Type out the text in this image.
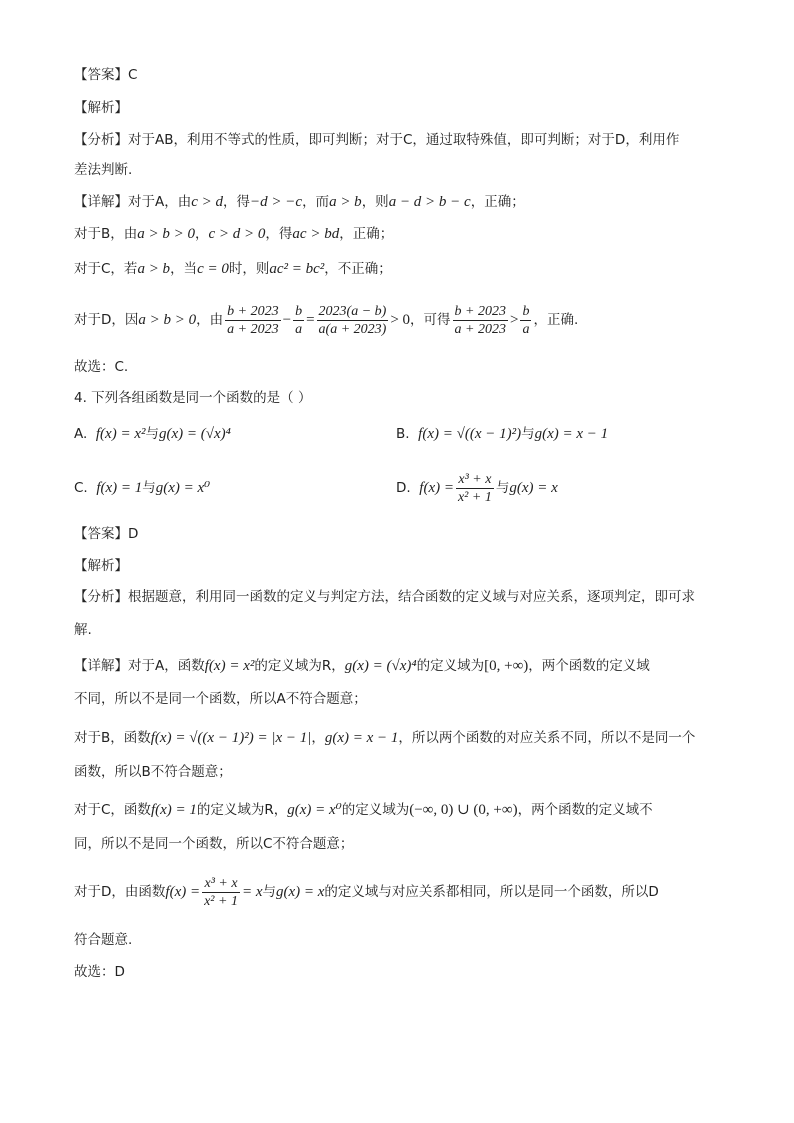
【答案】C
【解析】
【分析】对于AB，利用不等式的性质，即可判断；对于C，通过取特殊值，即可判断；对于D，利用作
差法判断.
【详解】对于A，由c > d，得−d > −c，而a > b，则a − d > b − c，正确；
对于B，由a > b > 0，c > d > 0，得ac > bd，正确；
对于C，若a > b，当c = 0时，则ac² = bc²，不正确；
对于D，因a > b > 0，由 $\frac{b + 2023}{a + 2023} - \frac{b}{a} = \frac{2023(a - b)}{a(a + 2023)} > 0$，可得 $\frac{b + 2023}{a + 2023} > \frac{b}{a}$ ，正确.
故选：C.
4. 下列各组函数是同一个函数的是（ ）
A. f(x) = x²与g(x) = (√x)⁴	B. f(x) = √((x − 1)²)与g(x) = x − 1
C. f(x) = 1与g(x) = x⁰	D. $f(x) = \frac{\text{x³ + x}}{\text{x² + 1}}$ 与g(x) = x
【答案】D
【解析】
【分析】根据题意，利用同一函数的定义与判定方法，结合函数的定义域与对应关系，逐项判定，即可求
解.
【详解】对于A，函数f(x) = x²的定义域为R，g(x) = (√x)⁴的定义域为[0, +∞)，两个函数的定义域
不同，所以不是同一个函数，所以A不符合题意；
对于B，函数f(x) = √((x − 1)²) = |x − 1|，g(x) = x − 1，所以两个函数的对应关系不同，所以不是同一个
函数，所以B不符合题意；
对于C，函数f(x) = 1的定义域为R，g(x) = x⁰的定义域为(−∞, 0) ∪ (0, +∞)，两个函数的定义域不
同，所以不是同一个函数，所以C不符合题意；
对于D，由函数$f(x) = \frac{\text{x³ + x}}{\text{x² + 1}} = x$与g(x) = x的定义域与对应关系都相同，所以是同一个函数，所以D
符合题意.
故选：D
